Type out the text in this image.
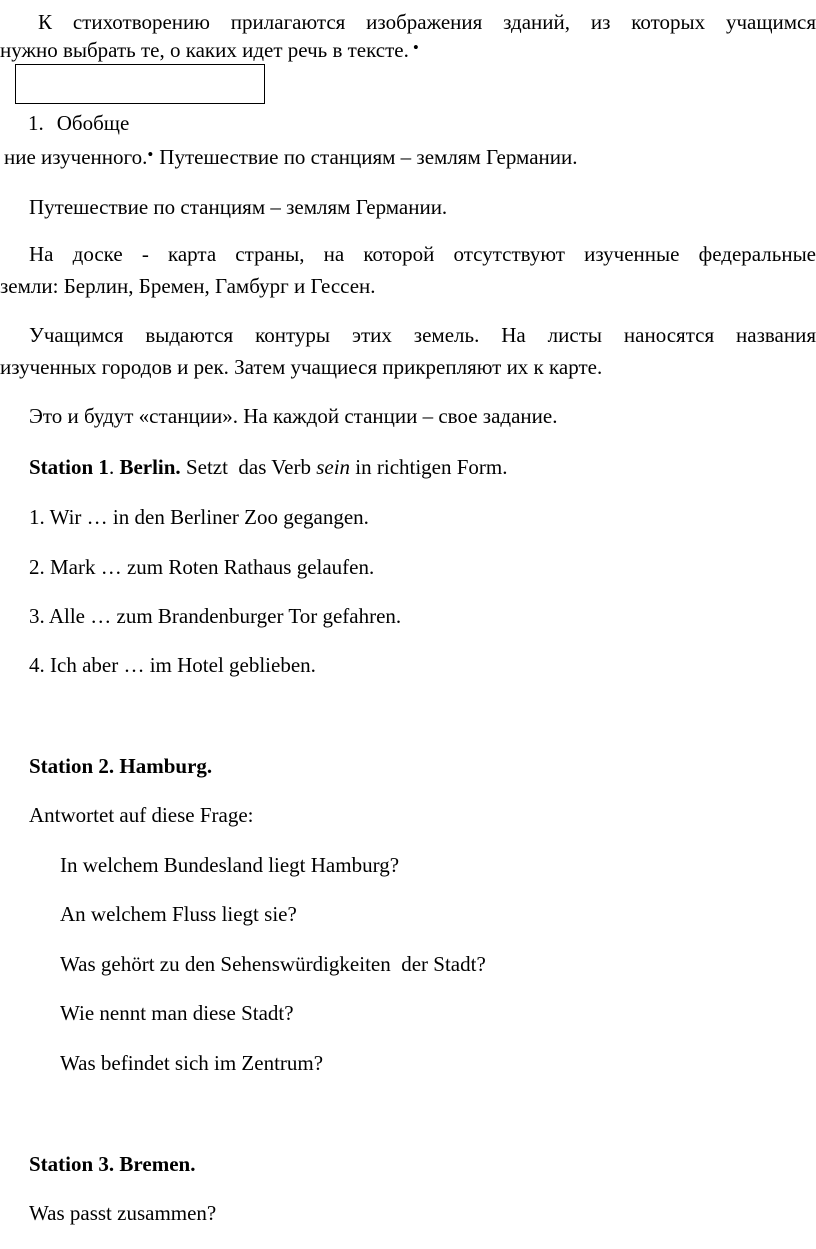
К стихотворению прилагаются изображения зданий, из которых учащимся
нужно выбрать те, о каких идет речь в тексте. •
1. Обобще
ние изученного.• Путешествие по станциям – землям Германии.
Путешествие по станциям – землям Германии.
На доске - карта страны, на которой отсутствуют изученные федеральные
земли: Берлин, Бремен, Гамбург и Гессен.
Учащимся выдаются контуры этих земель. На листы наносятся названия
изученных городов и рек. Затем учащиеся прикрепляют их к карте.
Это и будут «станции». На каждой станции – свое задание.
Station 1. Berlin. Setzt  das Verb sein in richtigen Form.
1. Wir … in den Berliner Zoo gegangen.
2. Mark … zum Roten Rathaus gelaufen.
3. Alle … zum Brandenburger Tor gefahren.
4. Ich aber … im Hotel geblieben.
Station 2. Hamburg.
Antwortet auf diese Frage:
In welchem Bundesland liegt Hamburg?
An welchem Fluss liegt sie?
Was gehört zu den Sehenswürdigkeiten  der Stadt?
Wie nennt man diese Stadt?
Was befindet sich im Zentrum?
Station 3. Bremen.
Was passt zusammen?
